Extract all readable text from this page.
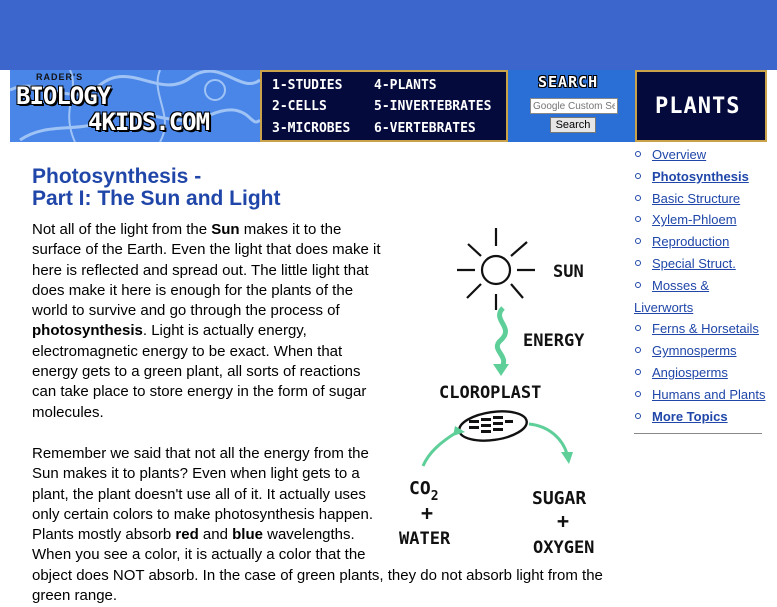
RADER'S
BIOLOGY
4KIDS.COM
1-STUDIES
2-CELLS
3-MICROBES
4-PLANTS
5-INVERTEBRATES
6-VERTEBRATES
SEARCH
Google Custom Search
Search
PLANTS
Photosynthesis -
Part I: The Sun and Light

Not all of the light from the Sun makes it to the surface of the Earth. Even the light that does make it here is reflected and spread out. The little light that does make it here is enough for the plants of the world to survive and go through the process of photosynthesis. Light is actually energy, electromagnetic energy to be exact. When that energy gets to a green plant, all sorts of reactions can take place to store energy in the form of sugar molecules.

Remember we said that not all the energy from the Sun makes it to plants? Even when light gets to a plant, the plant doesn't use all of it. It actually uses only certain colors to make photosynthesis happen. Plants mostly absorb red and blue wavelengths. When you see a color, it is actually a color that the

object does NOT absorb. In the case of green plants, they do not absorb light from the green range.

SUN
ENERGY
CLOROPLAST
$CO_2$
+
WATER
SUGAR
+
OXYGEN
Overview
Photosynthesis
Basic Structure
Xylem-Phloem
Reproduction
Special Struct.
Mosses &
Liverworts
Ferns & Horsetails
Gymnosperms
Angiosperms
Humans and Plants
More Topics
